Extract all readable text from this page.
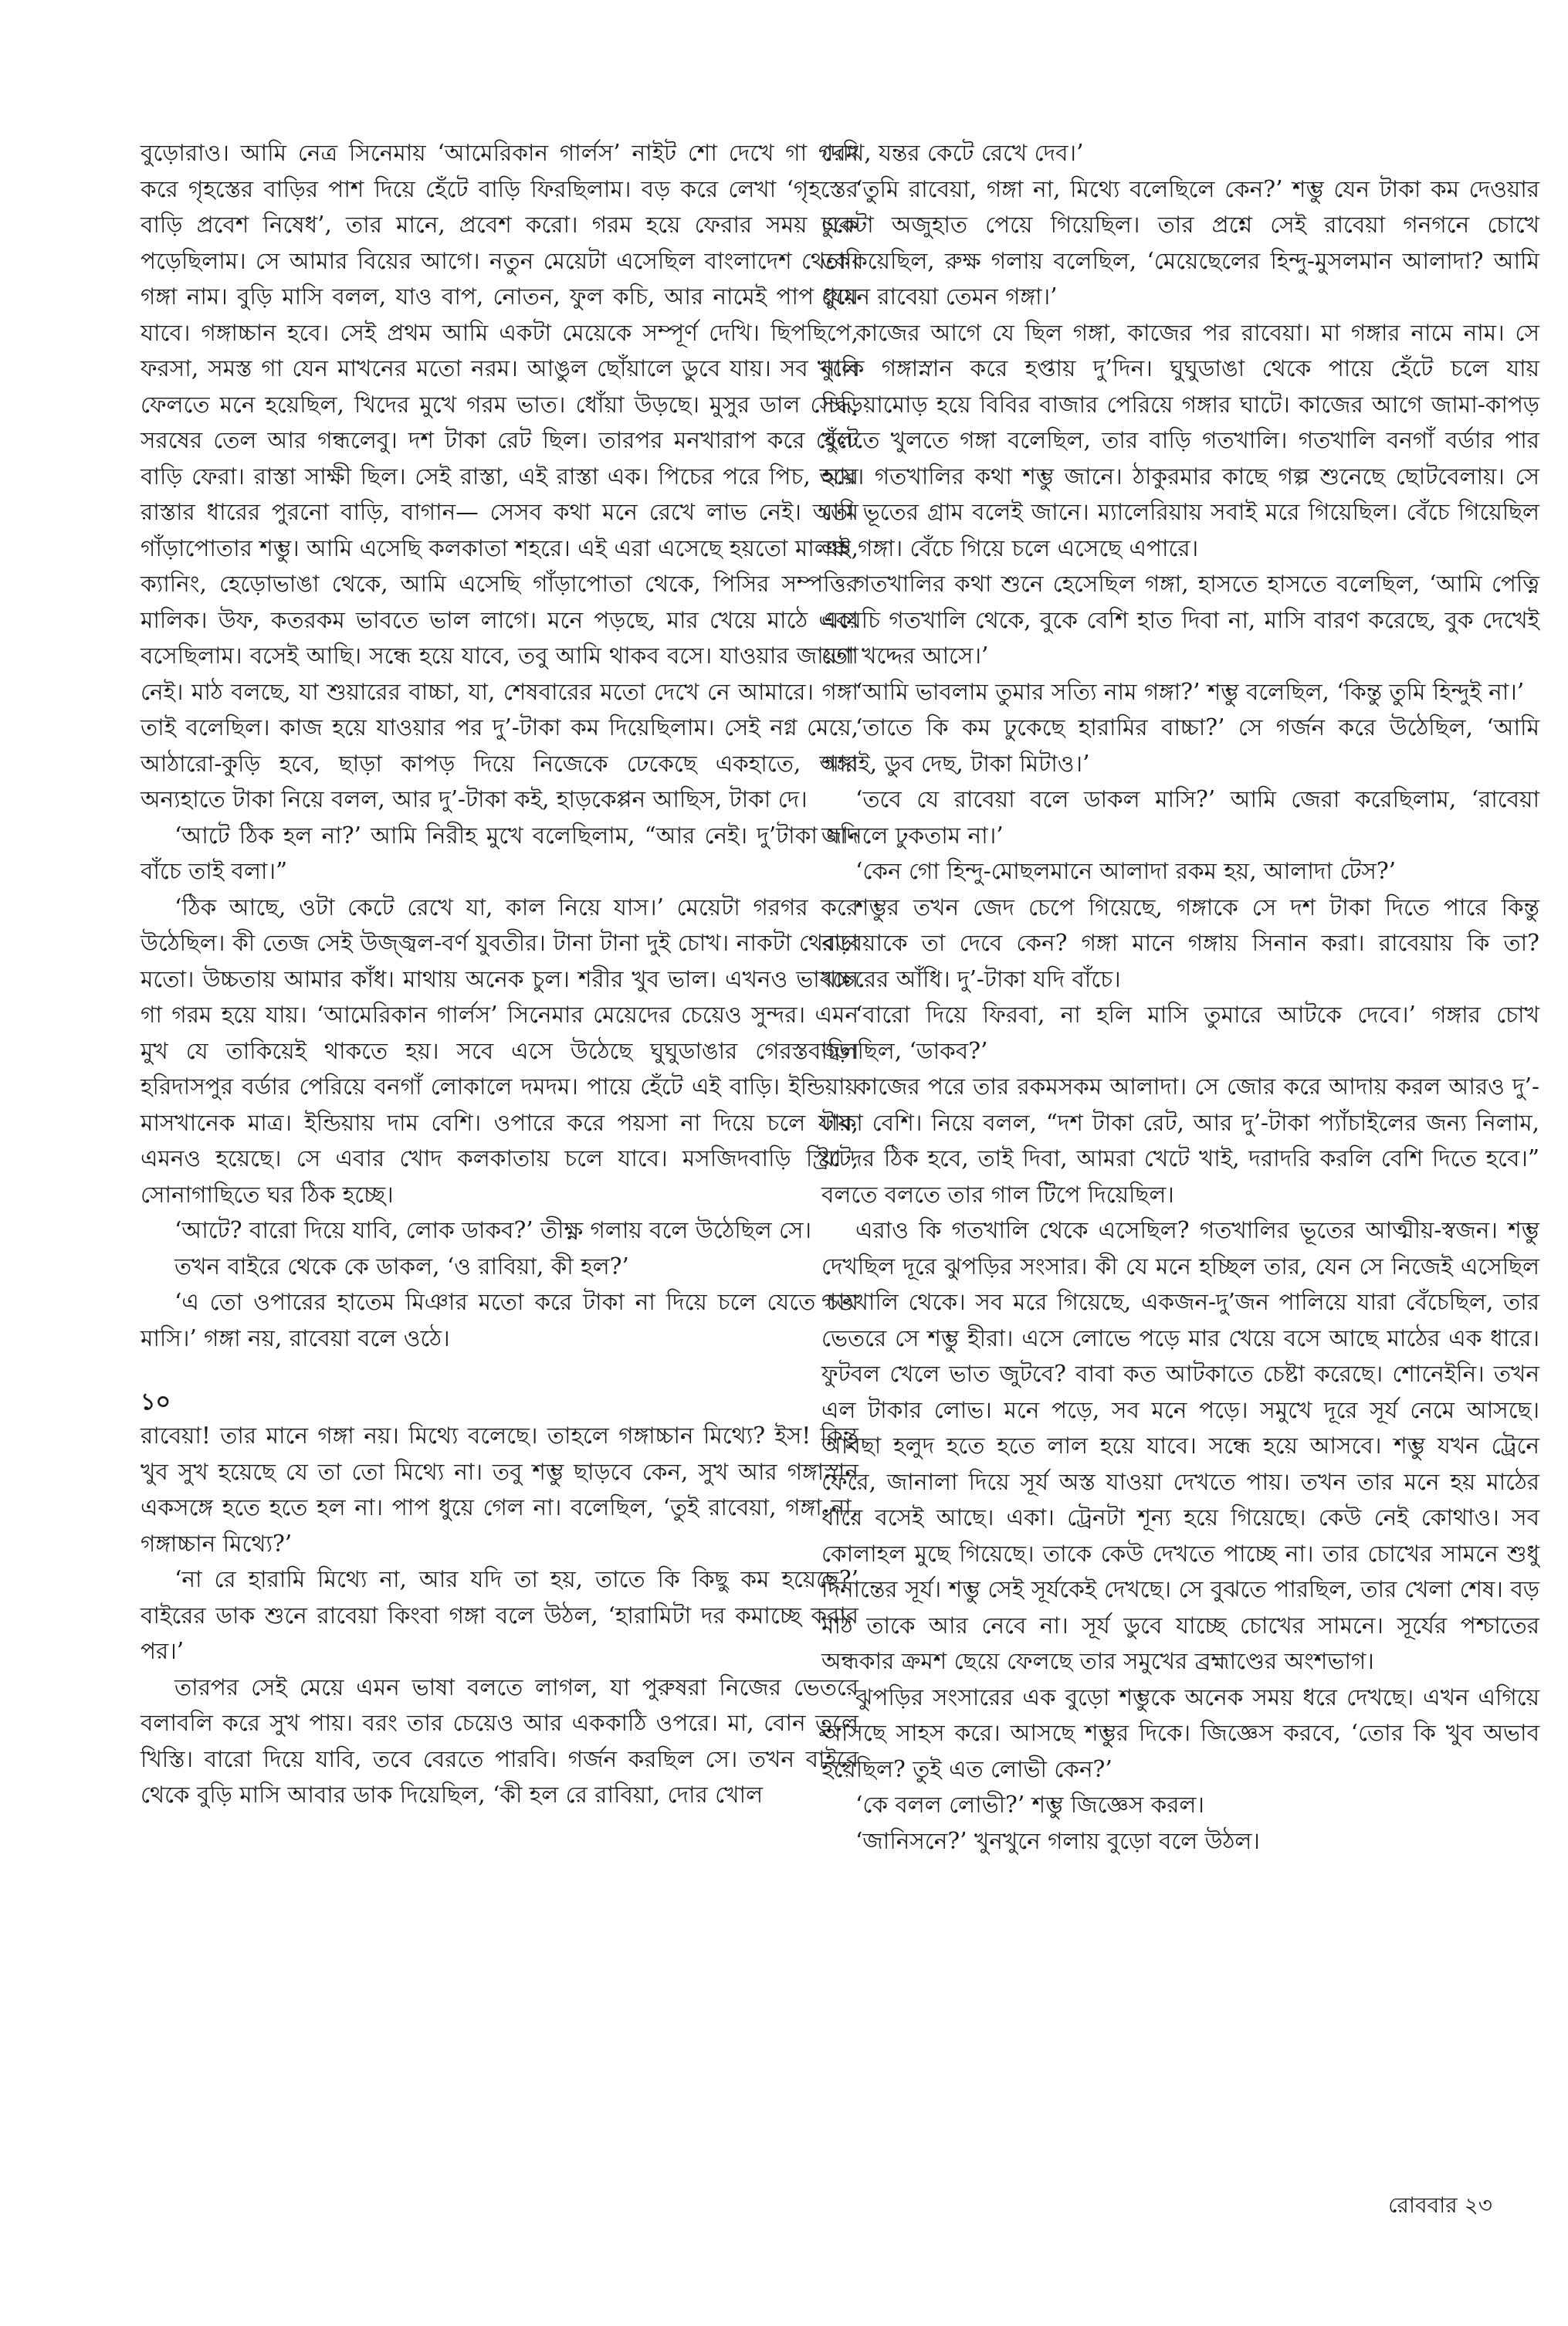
বুড়োরাও। আমি নেত্র সিনেমায় ‘আমেরিকান গার্লস’ নাইট শো দেখে গা গরম করে গৃহস্তের বাড়ির পাশ দিয়ে হেঁটে বাড়ি ফিরছিলাম। বড় করে লেখা ‘গৃহস্তের বাড়ি প্রবেশ নিষেধ’, তার মানে, প্রবেশ করো। গরম হয়ে ফেরার সময় চুকে পড়েছিলাম। সে আমার বিয়ের আগে। নতুন মেয়েটা এসেছিল বাংলাদেশ থেকে। গঙ্গা নাম। বুড়ি মাসি বলল, যাও বাপ, নোতন, ফুল কচি, আর নামেই পাপ ধুয়ে যাবে। গঙ্গাচ্চান হবে। সেই প্রথম আমি একটা মেয়েকে সম্পূর্ণ দেখি। ছিপছিপে, ফরসা, সমস্ত গা যেন মাখনের মতো নরম। আঙুল ছোঁয়ালে ডুবে যায়। সব খুলে ফেলতে মনে হয়েছিল, খিদের মুখে গরম ভাত। ধোঁয়া উড়ছে। মুসুর ডাল সেদ্ধ, সরষের তেল আর গন্ধলেবু। দশ টাকা রেট ছিল। তারপর মনখারাপ করে হেঁটে বাড়ি ফেরা। রাস্তা সাক্ষী ছিল। সেই রাস্তা, এই রাস্তা এক। পিচের পরে পিচ, আর রাস্তার ধারের পুরনো বাড়ি, বাগান— সেসব কথা মনে রেখে লাভ নেই। আমি গাঁড়াপোতার শম্ভু। আমি এসেছি কলকাতা শহরে। এই এরা এসেছে হয়তো মালঞ্চ, ক্যানিং, হেড়োভাঙা থেকে, আমি এসেছি গাঁড়াপোতা থেকে, পিসির সম্পত্তির মালিক। উফ, কতরকম ভাবতে ভাল লাগে। মনে পড়ছে, মার খেয়ে মাঠে একা বসেছিলাম। বসেই আছি। সন্ধে হয়ে যাবে, তবু আমি থাকব বসে। যাওয়ার জায়গা নেই। মাঠ বলছে, যা শুয়ারের বাচ্চা, যা, শেষবারের মতো দেখে নে আমারে। গঙ্গা তাই বলেছিল। কাজ হয়ে যাওয়ার পর দু’-টাকা কম দিয়েছিলাম। সেই নগ্ন মেয়ে, আঠারো-কুড়ি হবে, ছাড়া কাপড় দিয়ে নিজেকে ঢেকেছে একহাতে, আর অন্যহাতে টাকা নিয়ে বলল, আর দু’-টাকা কই, হাড়কেপ্পন আছিস, টাকা দে।

‘আটে ঠিক হল না?’ আমি নিরীহ মুখে বলেছিলাম, “আর নেই। দু’টাকা যদি বাঁচে তাই বলা।”

‘ঠিক আছে, ওটা কেটে রেখে যা, কাল নিয়ে যাস।’ মেয়েটা গরগর করে উঠেছিল। কী তেজ সেই উজ্জ্বল-বর্ণ যুবতীর। টানা টানা দুই চোখ। নাকটা থেবড়া মতো। উচ্চতায় আমার কাঁধ। মাথায় অনেক চুল। শরীর খুব ভাল। এখনও ভাবলে গা গরম হয়ে যায়। ‘আমেরিকান গার্লস’ সিনেমার মেয়েদের চেয়েও সুন্দর। এমন মুখ যে তাকিয়েই থাকতে হয়। সবে এসে উঠেছে ঘুঘুডাঙার গেরস্তবাড়ি। হরিদাসপুর বর্ডার পেরিয়ে বনগাঁ লোকালে দমদম। পায়ে হেঁটে এই বাড়ি। ইন্ডিয়ায় মাসখানেক মাত্র। ইন্ডিয়ায় দাম বেশি। ওপারে করে পয়সা না দিয়ে চলে যায়, এমনও হয়েছে। সে এবার খোদ কলকাতায় চলে যাবে। মসজিদবাড়ি স্ট্রিটে, সোনাগাছিতে ঘর ঠিক হচ্ছে।

‘আটে? বারো দিয়ে যাবি, লোক ডাকব?’ তীক্ষ্ণ গলায় বলে উঠেছিল সে।

তখন বাইরে থেকে কে ডাকল, ‘ও রাবিয়া, কী হল?’

‘এ তো ওপারের হাতেম মিঞার মতো করে টাকা না দিয়ে চলে যেতে চায় মাসি।’ গঙ্গা নয়, রাবেয়া বলে ওঠে।

১০

রাবেয়া! তার মানে গঙ্গা নয়। মিথ্যে বলেছে। তাহলে গঙ্গাচ্চান মিথ্যে? ইস! কিন্তু খুব সুখ হয়েছে যে তা তো মিথ্যে না। তবু শম্ভু ছাড়বে কেন, সুখ আর গঙ্গাস্নান একসঙ্গে হতে হতে হল না। পাপ ধুয়ে গেল না। বলেছিল, ‘তুই রাবেয়া, গঙ্গা না, গঙ্গাচ্চান মিথ্যে?’

‘না রে হারামি মিথ্যে না, আর যদি তা হয়, তাতে কি কিছু কম হয়েছে?’ বাইরের ডাক শুনে রাবেয়া কিংবা গঙ্গা বলে উঠল, ‘হারামিটা দর কমাচ্ছে করার পর।’

তারপর সেই মেয়ে এমন ভাষা বলতে লাগল, যা পুরুষরা নিজের ভেতরে বলাবলি করে সুখ পায়। বরং তার চেয়েও আর এককাঠি ওপরে। মা, বোন তুলে খিস্তি। বারো দিয়ে যাবি, তবে বেরতে পারবি। গর্জন করছিল সে। তখন বাইরে থেকে বুড়ি মাসি আবার ডাক দিয়েছিল, ‘কী হল রে রাবিয়া, দোর খোল

দেখি, যন্তর কেটে রেখে দেব।’

‘তুমি রাবেয়া, গঙ্গা না, মিথ্যে বলেছিলে কেন?’ শম্ভু যেন টাকা কম দেওয়ার একটা অজুহাত পেয়ে গিয়েছিল। তার প্রশ্নে সেই রাবেয়া গনগনে চোখে তাকিয়েছিল, রুক্ষ গলায় বলেছিল, ‘মেয়েছেলের হিন্দু-মুসলমান আলাদা? আমি যেমন রাবেয়া তেমন গঙ্গা।’

কাজের আগে যে ছিল গঙ্গা, কাজের পর রাবেয়া। মা গঙ্গার নামে নাম। সে নাকি গঙ্গাস্নান করে হপ্তায় দু’দিন। ঘুঘুডাঙা থেকে পায়ে হেঁটে চলে যায় চিড়িয়ামোড় হয়ে বিবির বাজার পেরিয়ে গঙ্গার ঘাটে। কাজের আগে জামা-কাপড় খুলতে খুলতে গঙ্গা বলেছিল, তার বাড়ি গতখালি। গতখালি বনগাঁ বর্ডার পার হয়ে। গতখালির কথা শম্ভু জানে। ঠাকুরমার কাছে গল্প শুনেছে ছোটবেলায়। সে তো ভূতের গ্রাম বলেই জানে। ম্যালেরিয়ায় সবাই মরে গিয়েছিল। বেঁচে গিয়েছিল এই গঙ্গা। বেঁচে গিয়ে চলে এসেছে এপারে।

গতখালির কথা শুনে হেসেছিল গঙ্গা, হাসতে হাসতে বলেছিল, ‘আমি পেত্নি এয়েচি গতখালি থেকে, বুকে বেশি হাত দিবা না, মাসি বারণ করেছে, বুক দেখেই তো খদ্দের আসে।’

‘আমি ভাবলাম তুমার সত্যি নাম গঙ্গা?’ শম্ভু বলেছিল, ‘কিন্তু তুমি হিন্দুই না।’

‘তাতে কি কম ঢুকেছে হারামির বাচ্চা?’ সে গর্জন করে উঠেছিল, ‘আমি গঙ্গাই, ডুব দেছ, টাকা মিটাও।’

‘তবে যে রাবেয়া বলে ডাকল মাসি?’ আমি জেরা করেছিলাম, ‘রাবেয়া জানলে ঢুকতাম না।’

‘কেন গো হিন্দু-মোছলমানে আলাদা রকম হয়, আলাদা টেস?’

শম্ভুর তখন জেদ চেপে গিয়েছে, গঙ্গাকে সে দশ টাকা দিতে পারে কিন্তু রাবেয়াকে তা দেবে কেন? গঙ্গা মানে গঙ্গায় সিনান করা। রাবেয়ায় কি তা? খচ্চরের আঁধি। দু’-টাকা যদি বাঁচে।

‘বারো দিয়ে ফিরবা, না হলি মাসি তুমারে আটকে দেবে।’ গঙ্গার চোখ জ্বলছিল, ‘ডাকব?’

কাজের পরে তার রকমসকম আলাদা। সে জোর করে আদায় করল আরও দু’-টাকা বেশি। নিয়ে বলল, “দশ টাকা রেট, আর দু’-টাকা প্যাঁচাইলের জন্য নিলাম, যা দর ঠিক হবে, তাই দিবা, আমরা খেটে খাই, দরাদরি করলি বেশি দিতে হবে।” বলতে বলতে তার গাল টিপে দিয়েছিল।

এরাও কি গতখালি থেকে এসেছিল? গতখালির ভূতের আত্মীয়-স্বজন। শম্ভু দেখছিল দূরে ঝুপড়ির সংসার। কী যে মনে হচ্ছিল তার, যেন সে নিজেই এসেছিল গতখালি থেকে। সব মরে গিয়েছে, একজন-দু’জন পালিয়ে যারা বেঁচেছিল, তার ভেতরে সে শম্ভু হীরা। এসে লোভে পড়ে মার খেয়ে বসে আছে মাঠের এক ধারে। ফুটবল খেলে ভাত জুটবে? বাবা কত আটকাতে চেষ্টা করেছে। শোনেইনি। তখন এল টাকার লোভ। মনে পড়ে, সব মনে পড়ে। সমুখে দূরে সূর্য নেমে আসছে। আবছা হলুদ হতে হতে লাল হয়ে যাবে। সন্ধে হয়ে আসবে। শম্ভু যখন ট্রেনে ফেরে, জানালা দিয়ে সূর্য অস্ত যাওয়া দেখতে পায়। তখন তার মনে হয় মাঠের ধারে বসেই আছে। একা। ট্রেনটা শূন্য হয়ে গিয়েছে। কেউ নেই কোথাও। সব কোলাহল মুছে গিয়েছে। তাকে কেউ দেখতে পাচ্ছে না। তার চোখের সামনে শুধু দিনান্তের সূর্য। শম্ভু সেই সূর্যকেই দেখছে। সে বুঝতে পারছিল, তার খেলা শেষ। বড় মাঠ তাকে আর নেবে না। সূর্য ডুবে যাচ্ছে চোখের সামনে। সূর্যের পশ্চাতের অন্ধকার ক্রমশ ছেয়ে ফেলছে তার সমুখের ব্রহ্মাণ্ডের অংশভাগ।

ঝুপড়ির সংসারের এক বুড়ো শম্ভুকে অনেক সময় ধরে দেখছে। এখন এগিয়ে আসছে সাহস করে। আসছে শম্ভুর দিকে। জিজ্ঞেস করবে, ‘তোর কি খুব অভাব হয়েছিল? তুই এত লোভী কেন?’

‘কে বলল লোভী?’ শম্ভু জিজ্ঞেস করল।

‘জানিসনে?’ খুনখুনে গলায় বুড়ো বলে উঠল।

রোববার ২৩
